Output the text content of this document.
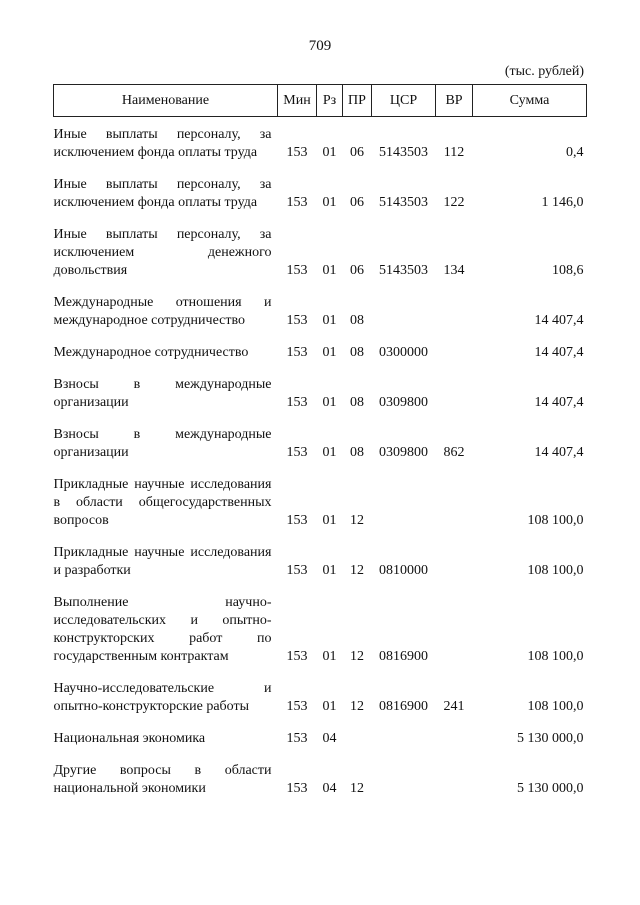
709
(тыс. рублей)
Наименование	Мин	Рз	ПР	ЦСР	ВР	Сумма

Иные выплаты персоналу, за исключением фонда оплаты труда	153	01	06	5143503	112	0,4

Иные выплаты персоналу, за исключением фонда оплаты труда	153	01	06	5143503	122	1 146,0

Иные выплаты персоналу, за исключением денежного довольствия	153	01	06	5143503	134	108,6

Международные отношения и международное сотрудничество	153	01	08			14 407,4

Международное сотрудничество	153	01	08	0300000		14 407,4

Взносы в международные организации	153	01	08	0309800		14 407,4

Взносы в международные организации	153	01	08	0309800	862	14 407,4

Прикладные научные исследования в области общегосударственных вопросов	153	01	12			108 100,0

Прикладные научные исследования и разработки	153	01	12	0810000		108 100,0

Выполнение научно-исследовательских и опытно-конструкторских работ по государственным контрактам	153	01	12	0816900		108 100,0

Научно-исследовательские и опытно-конструкторские работы	153	01	12	0816900	241	108 100,0

Национальная экономика	153	04				5 130 000,0

Другие вопросы в области национальной экономики	153	04	12			5 130 000,0
